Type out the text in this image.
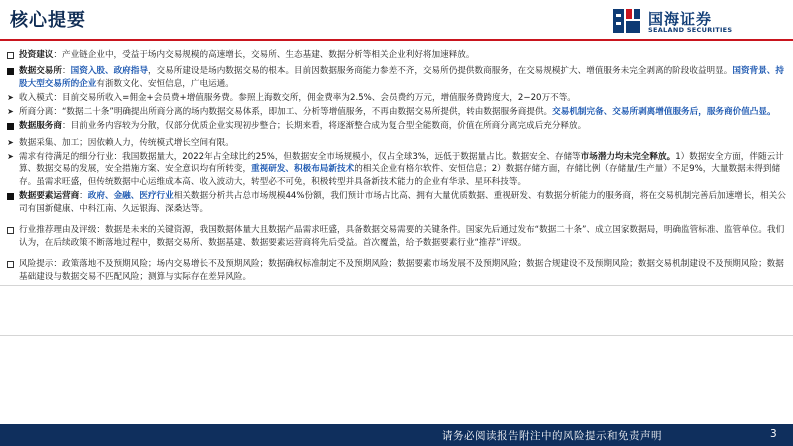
核心提要	国海证券
SEALAND SECURITIES
投资建议：产业链企业中，受益于场内交易规模的高速增长，交易所、生态基建、数据分析等相关企业利好将加速释放。
数据交易所：国资入股、政府指导，交易所建设是场内数据交易的根本。目前因数据服务商能力参差不齐，交易所仍提供数商服务，在交易规模扩大、增值服务未完全剥离的阶段收益明显。国资背景、持股大型交易所的企业有浙数文化、安恒信息，广电运通。
➤ 收入模式：目前交易所收入=佣金+会员费+增值服务费。参照上海数交所，佣金费率为2.5%、会员费约万元，增值服务费跨度大，2−20万不等。
➤ 所商分离：“数据二十条”明确提出所商分离的场内数据交易体系，即加工、分析等增值服务，不再由数据交易所提供，转由数据服务商提供。交易机制完备、交易所剥离增值服务后，服务商价值凸显。
数据服务商：目前业务内容较为分散，仅部分优质企业实现初步整合；长期来看，将逐渐整合成为复合型全能数商，价值在所商分离完成后充分释放。
➤ 数据采集、加工；因依赖人力，传统模式增长空间有限。
➤ 需求有待满足的细分行业：我国数据量大，2022年占全球比约25%，但数据安全市场规模小，仅占全球3%，远低于数据量占比。数据安全、存储等市场潜力均未完全释放。1）数据安全方面，伴随云计算、数据交易的发展，安全措施方案、安全意识均有所转变，重视研发、积极布局新技术的相关企业有格尔软件、安恒信息；2）数据存储方面，存储比例（存储量/生产量）不足9%，大量数据未得到储存。虽需求旺盛，但传统数据中心运维成本高、收入波动大，转型必不可免，积极转型并具备新技术能力的企业有华录、星环科技等。
数据要素运营商：政府、金融、医疗行业相关数据分析共占总市场规模44%份额，我们预计市场占比高、拥有大量优质数据、重视研发、有数据分析能力的服务商，将在交易机制完善后加速增长，相关公司有国新健康、中科江南、久远银海、深桑达等。
行业推荐理由及评级：数据是未来的关键资源，我国数据体量大且数据产品需求旺盛，具备数据交易需要的关键条件。国家先后通过发布“数据二十条”、成立国家数据局，明确监管标准、监管单位。我们认为，在后续政策不断落地过程中，数据交易所、数据基建、数据要素运营商将先后受益。首次覆盖，给予数据要素行业“推荐”评级。
风险提示：政策落地不及预期风险；场内交易增长不及预期风险；数据确权标准制定不及预期风险；数据要素市场发展不及预期风险；数据合规建设不及预期风险；数据交易机制建设不及预期风险；数据基础建设与数据交易不匹配风险；测算与实际存在差异风险。
请务必阅读报告附注中的风险提示和免责声明	3
